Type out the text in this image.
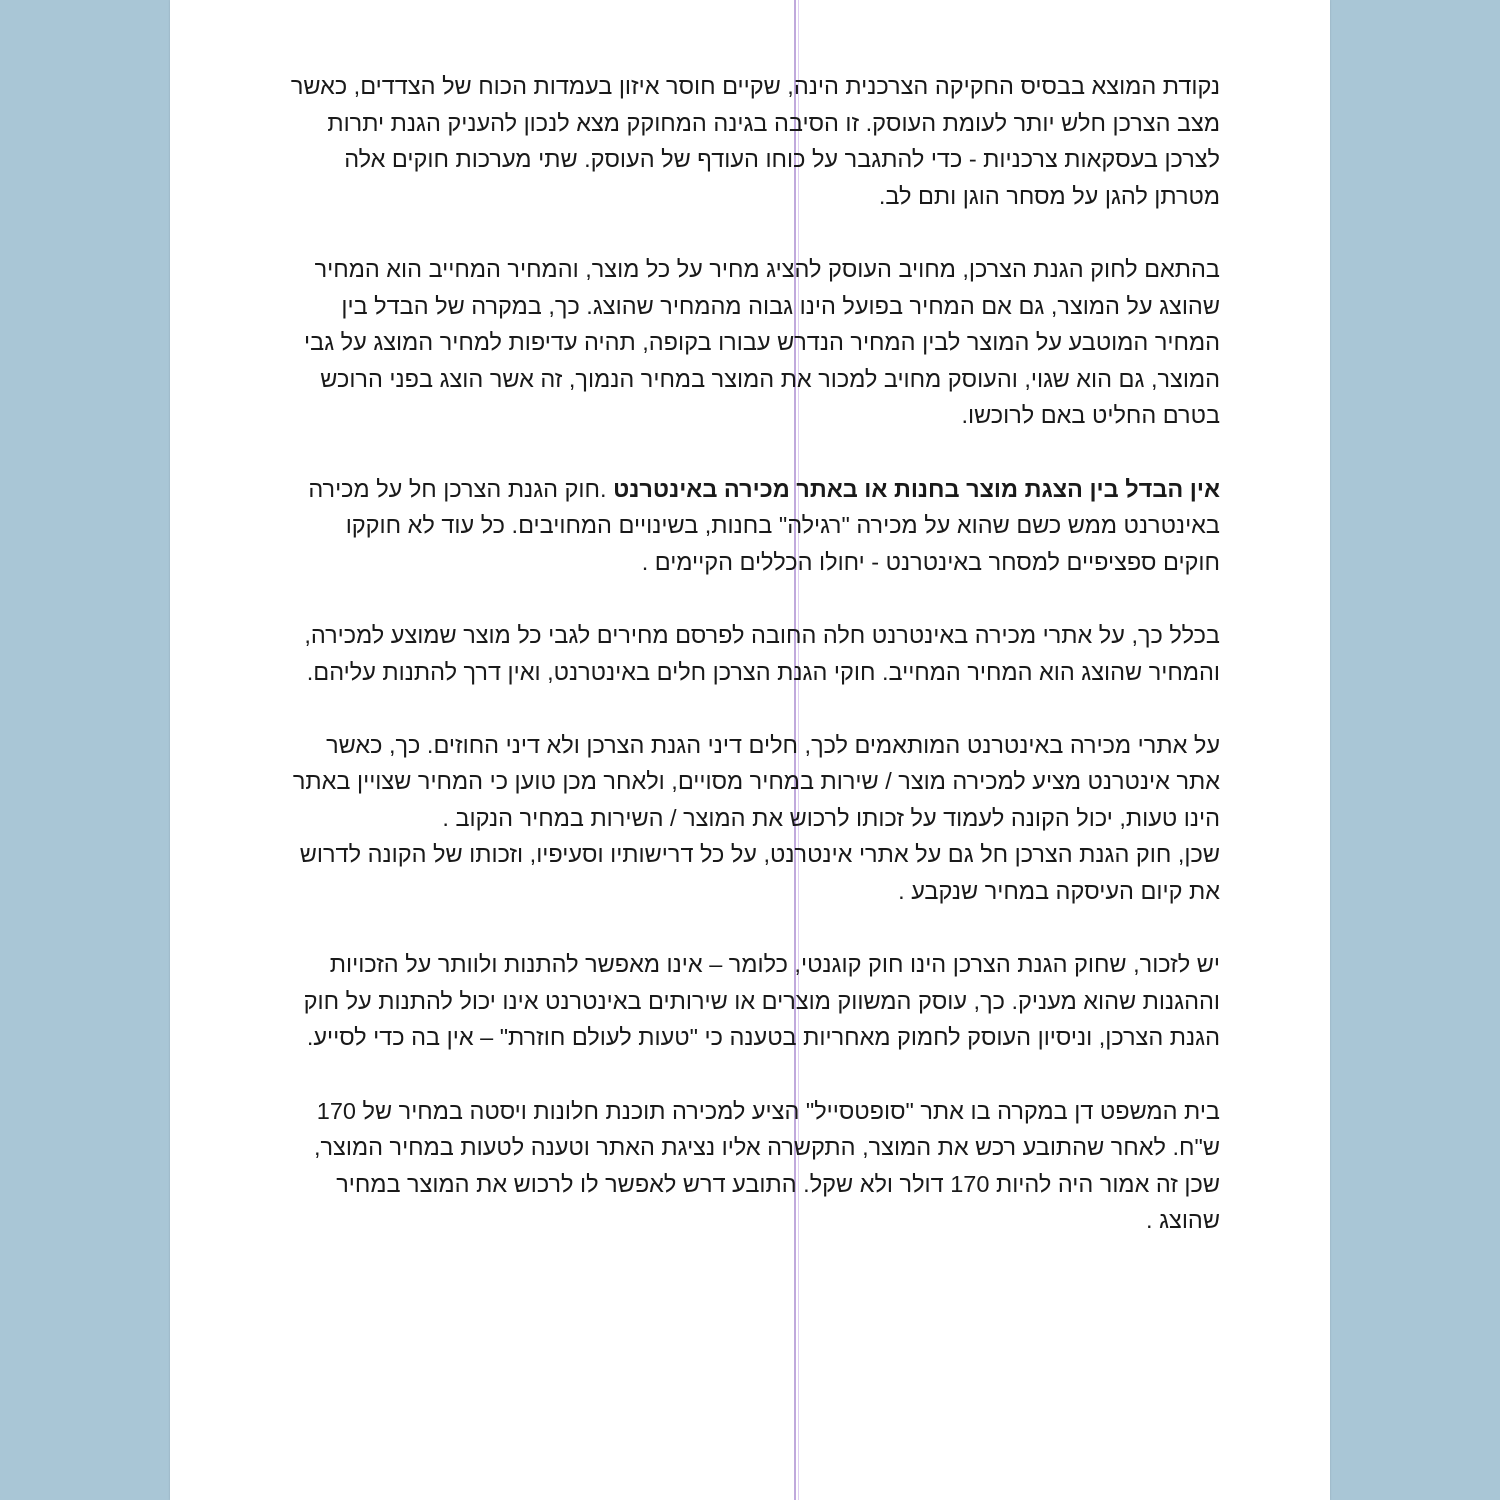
נקודת המוצא בבסיס החקיקה הצרכנית הינה, שקיים חוסר איזון בעמדות הכוח של הצדדים, כאשר מצב הצרכן חלש יותר לעומת העוסק. זו הסיבה בגינה המחוקק מצא לנכון להעניק הגנת יתרות לצרכן בעסקאות צרכניות - כדי להתגבר על כוחו העודף של העוסק. שתי מערכות חוקים אלה מטרתן להגן על מסחר הוגן ותם לב.

בהתאם לחוק הגנת הצרכן, מחויב העוסק להציג מחיר על כל מוצר, והמחיר המחייב הוא המחיר שהוצג על המוצר, גם אם המחיר בפועל הינו גבוה מהמחיר שהוצג. כך, במקרה של הבדל בין המחיר המוטבע על המוצר לבין המחיר הנדרש עבורו בקופה, תהיה עדיפות למחיר המוצג על גבי המוצר, גם הוא שגוי, והעוסק מחויב למכור את המוצר במחיר הנמוך, זה אשר הוצג בפני הרוכש בטרם החליט באם לרוכשו.

אין הבדל בין הצגת מוצר בחנות או באתר מכירה באינטרנט .חוק הגנת הצרכן חל על מכירה באינטרנט ממש כשם שהוא על מכירה "רגילה" בחנות, בשינויים המחויבים. כל עוד לא חוקקו חוקים ספציפיים למסחר באינטרנט - יחולו הכללים הקיימים .

בכלל כך, על אתרי מכירה באינטרנט חלה החובה לפרסם מחירים לגבי כל מוצר שמוצע למכירה, והמחיר שהוצג הוא המחיר המחייב. חוקי הגנת הצרכן חלים באינטרנט, ואין דרך להתנות עליהם.

על אתרי מכירה באינטרנט המותאמים לכך, חלים דיני הגנת הצרכן ולא דיני החוזים. כך, כאשר אתר אינטרנט מציע למכירה מוצר / שירות במחיר מסויים, ולאחר מכן טוען כי המחיר שצויין באתר הינו טעות, יכול הקונה לעמוד על זכותו לרכוש את המוצר / השירות במחיר הנקוב .

שכן, חוק הגנת הצרכן חל גם על אתרי אינטרנט, על כל דרישותיו וסעיפיו, וזכותו של הקונה לדרוש את קיום העיסקה במחיר שנקבע .

יש לזכור, שחוק הגנת הצרכן הינו חוק קוגנטי, כלומר – אינו מאפשר להתנות ולוותר על הזכויות וההגנות שהוא מעניק. כך, עוסק המשווק מוצרים או שירותים באינטרנט אינו יכול להתנות על חוק הגנת הצרכן, וניסיון העוסק לחמוק מאחריות בטענה כי "טעות לעולם חוזרת" – אין בה כדי לסייע.

בית המשפט דן במקרה בו אתר "סופטסייל" הציע למכירה תוכנת חלונות ויסטה במחיר של 170 ש"ח. לאחר שהתובע רכש את המוצר, התקשרה אליו נציגת האתר וטענה לטעות במחיר המוצר, שכן זה אמור היה להיות 170 דולר ולא שקל. התובע דרש לאפשר לו לרכוש את המוצר במחיר שהוצג .
